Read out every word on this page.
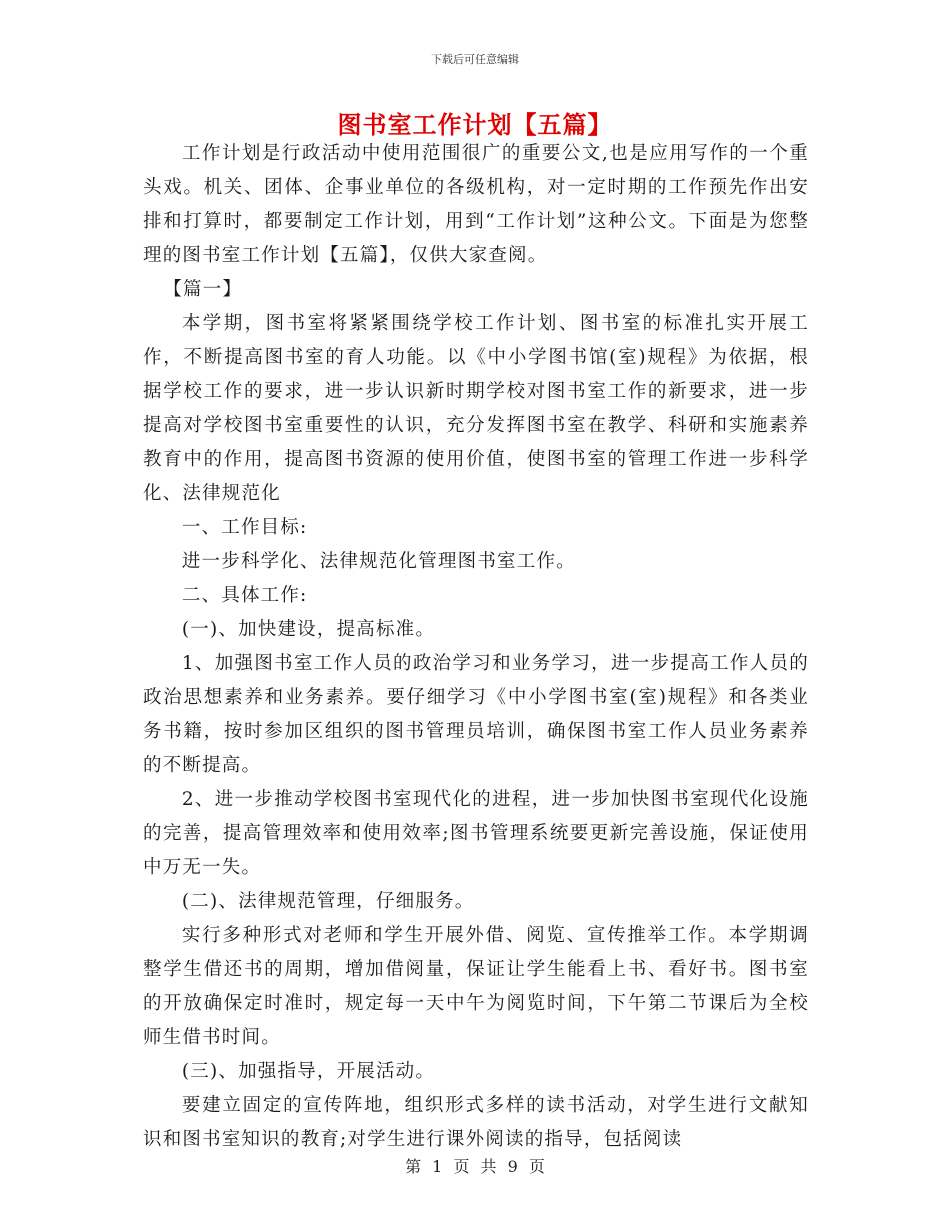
下载后可任意编辑
图书室工作计划【五篇】

工作计划是行政活动中使用范围很广的重要公文,也是应用写作的一个重头戏。机关、团体、企事业单位的各级机构，对一定时期的工作预先作出安排和打算时，都要制定工作计划，用到“工作计划”这种公文。下面是为您整理的图书室工作计划【五篇】，仅供大家查阅。

【篇一】

本学期，图书室将紧紧围绕学校工作计划、图书室的标准扎实开展工作，不断提高图书室的育人功能。以《中小学图书馆(室)规程》为依据，根据学校工作的要求，进一步认识新时期学校对图书室工作的新要求，进一步提高对学校图书室重要性的认识，充分发挥图书室在教学、科研和实施素养教育中的作用，提高图书资源的使用价值，使图书室的管理工作进一步科学化、法律规范化

一、工作目标:

进一步科学化、法律规范化管理图书室工作。

二、具体工作:

(一)、加快建设，提高标准。

1、加强图书室工作人员的政治学习和业务学习，进一步提高工作人员的政治思想素养和业务素养。要仔细学习《中小学图书室(室)规程》和各类业务书籍，按时参加区组织的图书管理员培训，确保图书室工作人员业务素养的不断提高。

2、进一步推动学校图书室现代化的进程，进一步加快图书室现代化设施的完善，提高管理效率和使用效率;图书管理系统要更新完善设施，保证使用中万无一失。

(二)、法律规范管理，仔细服务。

实行多种形式对老师和学生开展外借、阅览、宣传推举工作。本学期调整学生借还书的周期，增加借阅量，保证让学生能看上书、看好书。图书室的开放确保定时准时，规定每一天中午为阅览时间，下午第二节课后为全校师生借书时间。

(三)、加强指导，开展活动。

要建立固定的宣传阵地，组织形式多样的读书活动，对学生进行文献知识和图书室知识的教育;对学生进行课外阅读的指导，包括阅读

第 1 页 共 9 页
